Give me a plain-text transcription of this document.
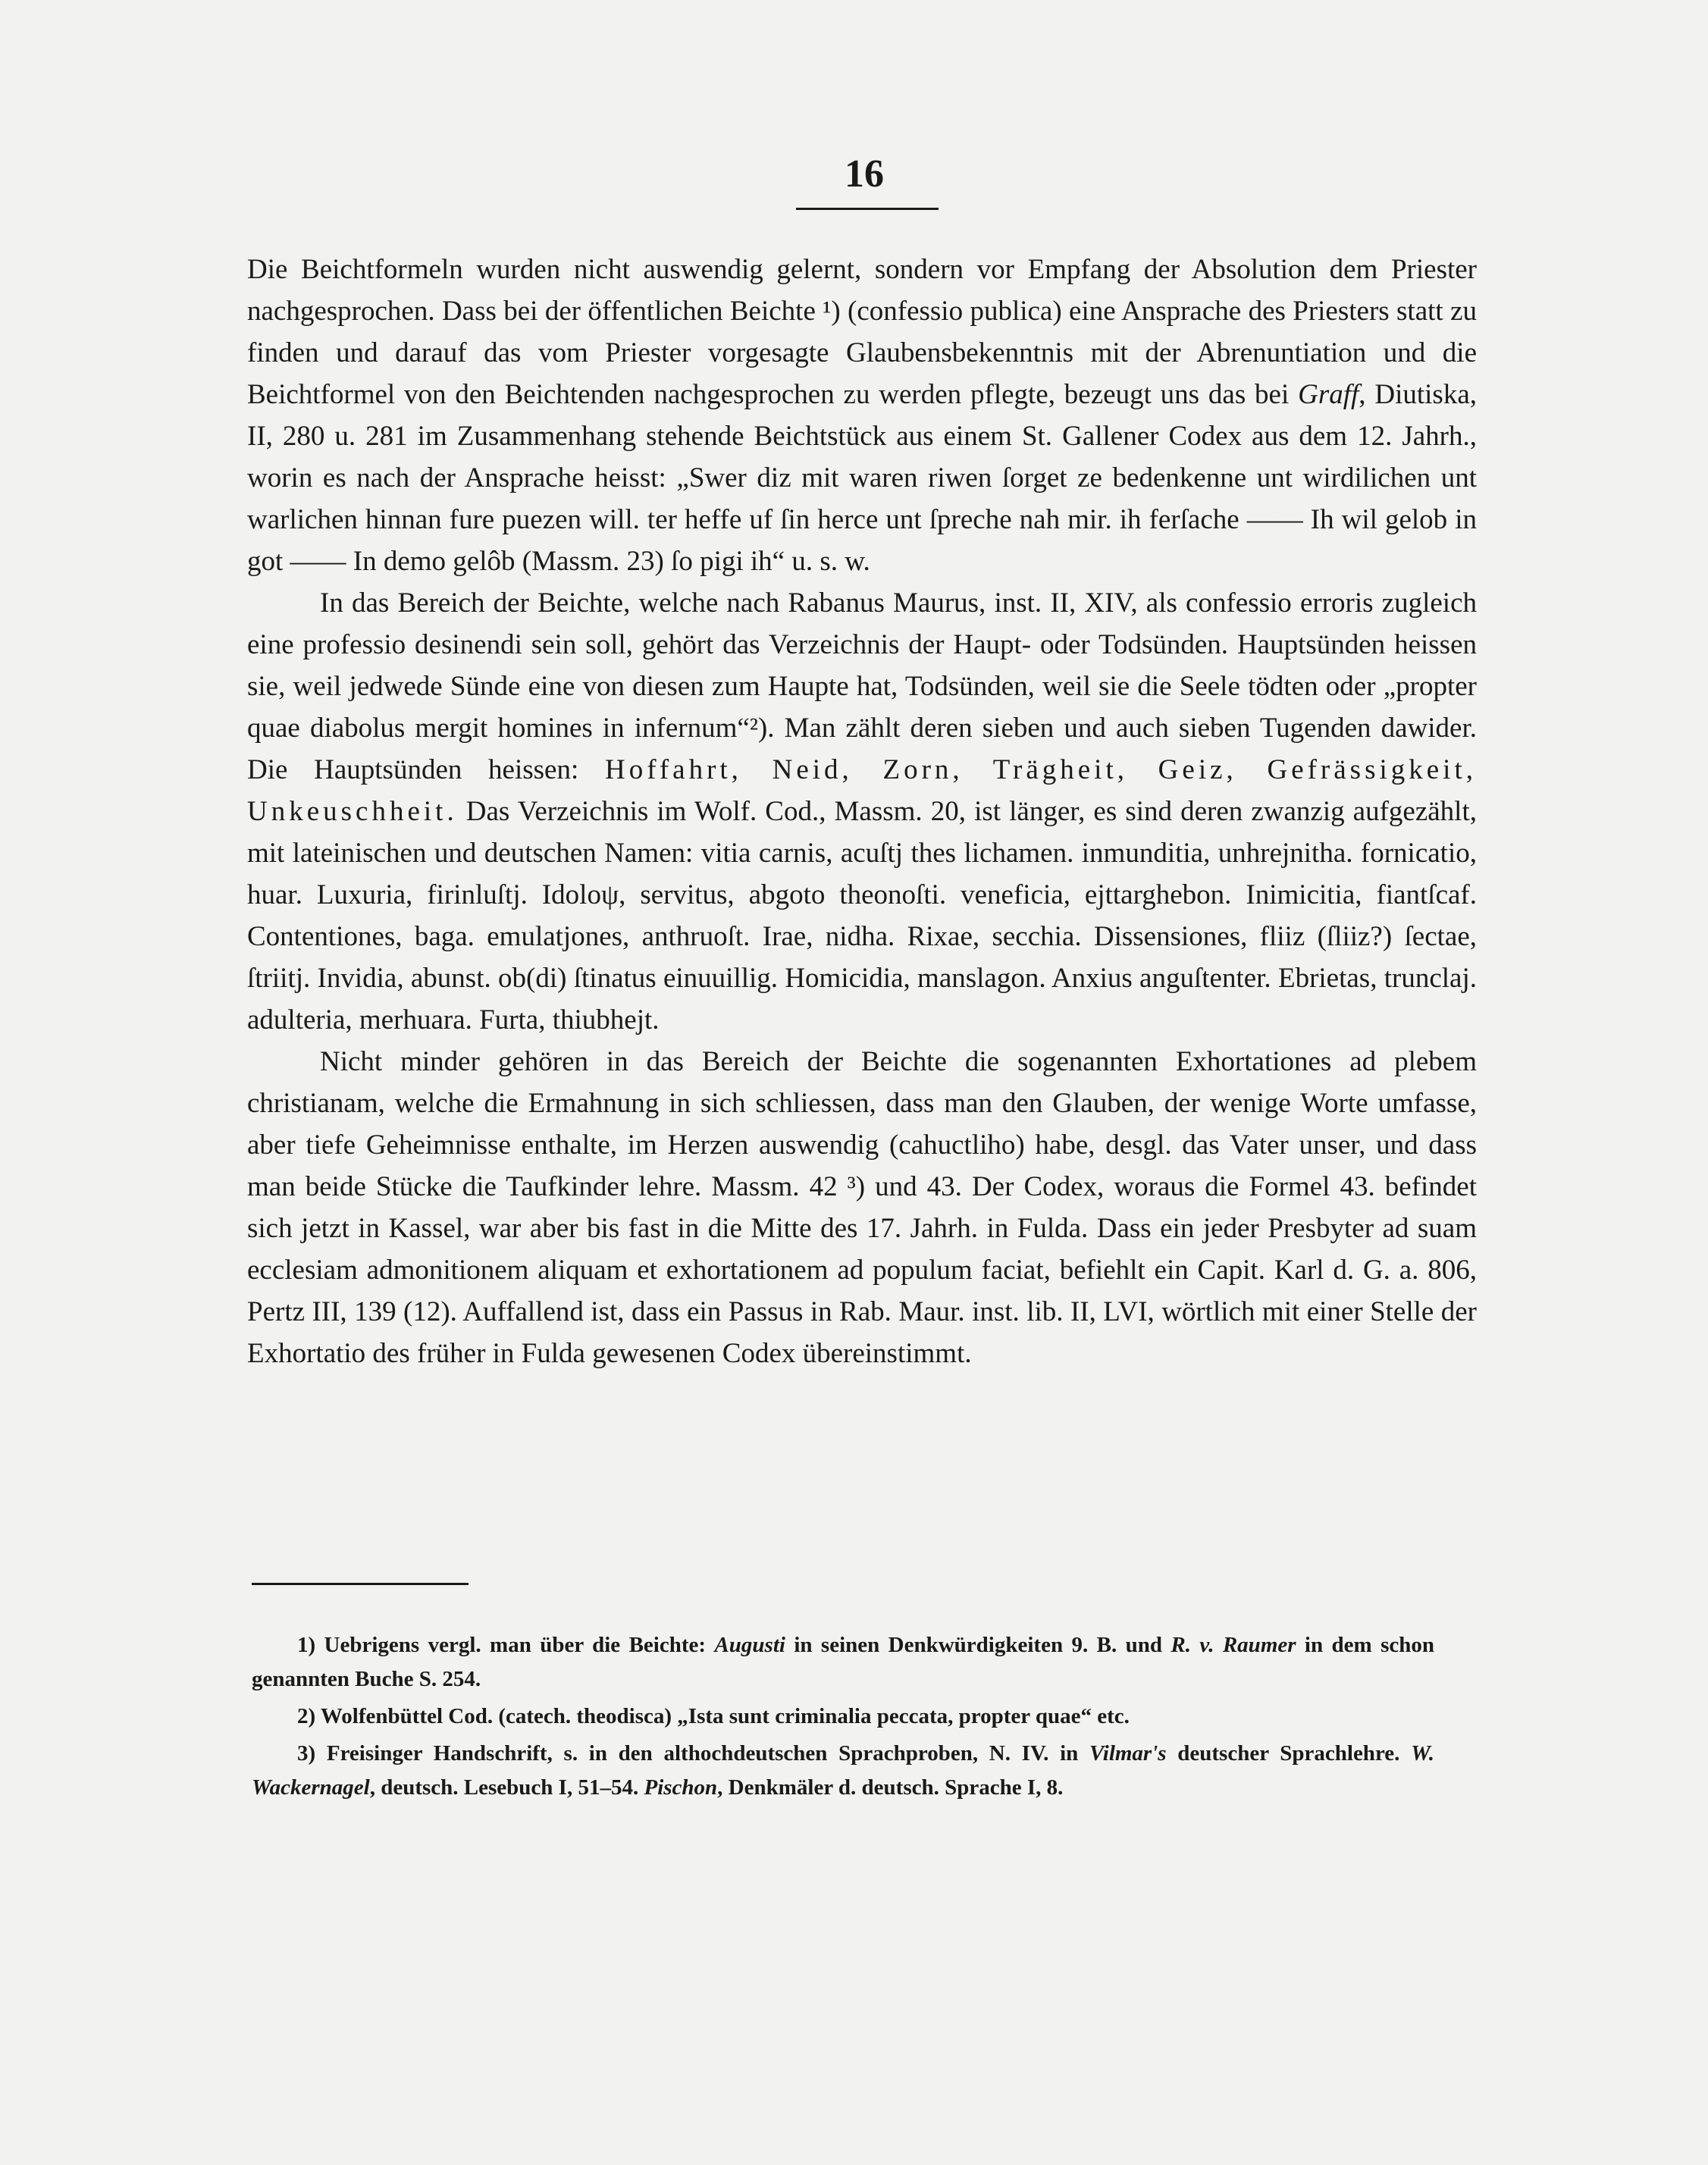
16

Die Beichtformeln wurden nicht auswendig gelernt, sondern vor Empfang der Absolution dem Priester nachgesprochen. Dass bei der öffentlichen Beichte ¹) (confessio publica) eine Ansprache des Priesters statt zu finden und darauf das vom Priester vorgesagte Glaubensbekenntnis mit der Abrenuntiation und die Beichtformel von den Beichtenden nachgesprochen zu werden pflegte, bezeugt uns das bei Graff, Diutiska, II, 280 u. 281 im Zusammenhang stehende Beichtstück aus einem St. Gallener Codex aus dem 12. Jahrh., worin es nach der Ansprache heisst: „Swer diz mit waren riwen ſorget ze bedenkenne unt wirdilichen unt warlichen hinnan fure puezen will. ter heffe uf ſin herce unt ſpreche nah mir. ih ferſache —— Ih wil gelob in got —— In demo gelôb (Massm. 23) ſo pigi ih“ u. s. w.

In das Bereich der Beichte, welche nach Rabanus Maurus, inst. II, XIV, als confessio erroris zugleich eine professio desinendi sein soll, gehört das Verzeichnis der Haupt- oder Todsünden. Hauptsünden heissen sie, weil jedwede Sünde eine von diesen zum Haupte hat, Todsünden, weil sie die Seele tödten oder „propter quae diabolus mergit homines in infernum“²). Man zählt deren sieben und auch sieben Tugenden dawider. Die Hauptsünden heissen: Hoffahrt, Neid, Zorn, Trägheit, Geiz, Gefrässigkeit, Unkeuschheit. Das Verzeichnis im Wolf. Cod., Massm. 20, ist länger, es sind deren zwanzig aufgezählt, mit lateinischen und deutschen Namen: vitia carnis, acuſtj thes lichamen. inmunditia, unhrejnitha. fornicatio, huar. Luxuria, firinluſtj. Idoloψ, servitus, abgoto theonoſti. veneficia, ejttarghebon. Inimicitia, fiantſcaf. Contentiones, baga. emulatjones, anthruoſt. Irae, nidha. Rixae, secchia. Dissensiones, fliiz (ſliiz?) ſectae, ſtriitj. Invidia, abunst. ob(di) ſtinatus einuuillig. Homicidia, manslagon. Anxius anguſtenter. Ebrietas, trunclaj. adulteria, merhuara. Furta, thiubhejt.

Nicht minder gehören in das Bereich der Beichte die sogenannten Exhortationes ad plebem christianam, welche die Ermahnung in sich schliessen, dass man den Glauben, der wenige Worte umfasse, aber tiefe Geheimnisse enthalte, im Herzen auswendig (cahuctliho) habe, desgl. das Vater unser, und dass man beide Stücke die Taufkinder lehre. Massm. 42 ³) und 43. Der Codex, woraus die Formel 43. befindet sich jetzt in Kassel, war aber bis fast in die Mitte des 17. Jahrh. in Fulda. Dass ein jeder Presbyter ad suam ecclesiam admonitionem aliquam et exhortationem ad populum faciat, befiehlt ein Capit. Karl d. G. a. 806, Pertz III, 139 (12). Auffallend ist, dass ein Passus in Rab. Maur. inst. lib. II, LVI, wörtlich mit einer Stelle der Exhortatio des früher in Fulda gewesenen Codex übereinstimmt.

1) Uebrigens vergl. man über die Beichte: Augusti in seinen Denkwürdigkeiten 9. B. und R. v. Raumer in dem schon genannten Buche S. 254.

2) Wolfenbüttel Cod. (catech. theodisca) „Ista sunt criminalia peccata, propter quae“ etc.

3) Freisinger Handschrift, s. in den althochdeutschen Sprachproben, N. IV. in Vilmar's deutscher Sprachlehre. W. Wackernagel, deutsch. Lesebuch I, 51–54. Pischon, Denkmäler d. deutsch. Sprache I, 8.
